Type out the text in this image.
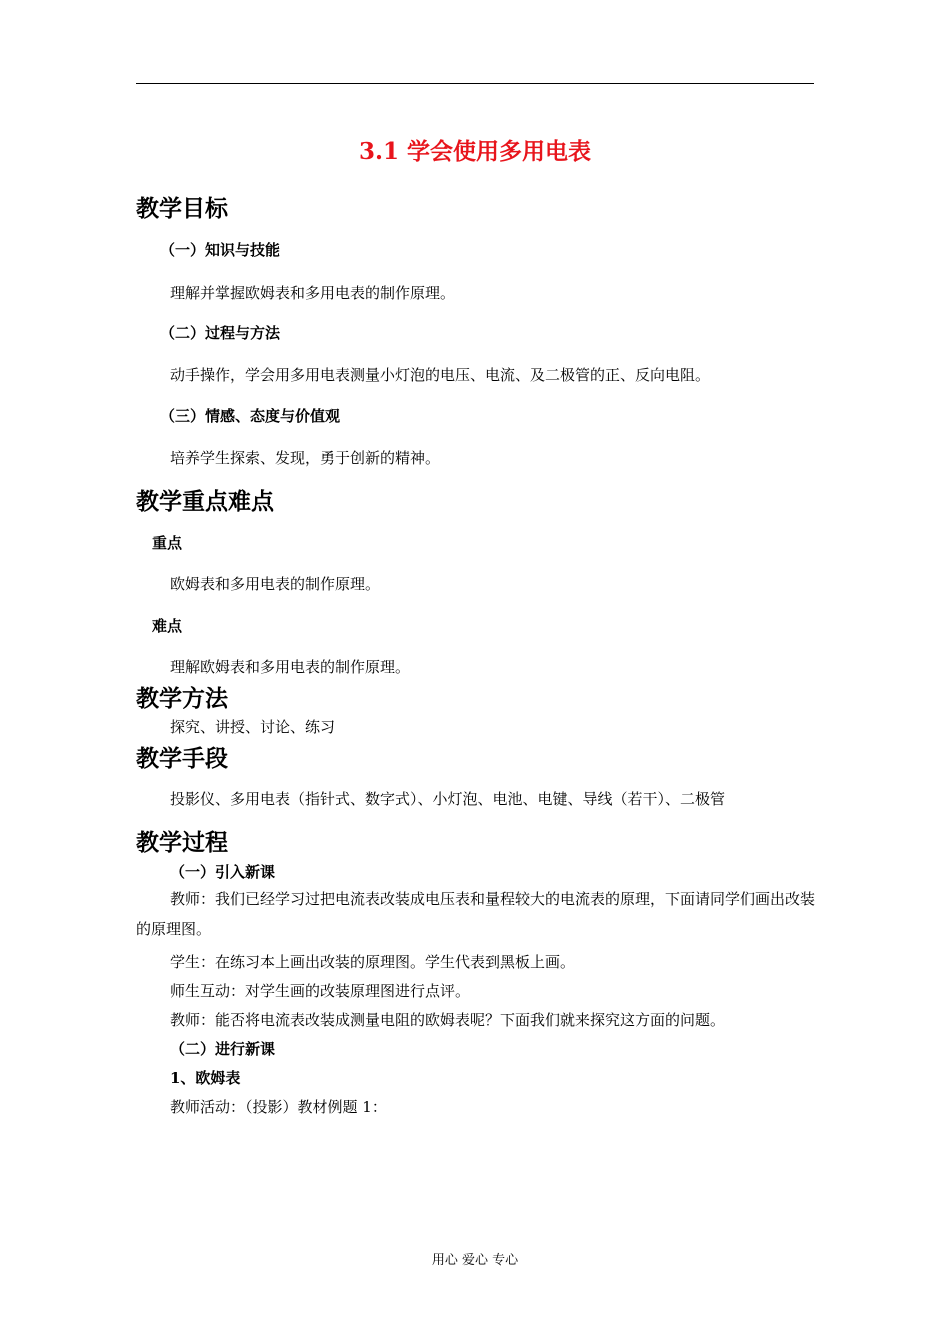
3.1 学会使用多用电表
教学目标
（一）知识与技能
理解并掌握欧姆表和多用电表的制作原理。
（二）过程与方法
动手操作，学会用多用电表测量小灯泡的电压、电流、及二极管的正、反向电阻。
（三）情感、态度与价值观
培养学生探索、发现，勇于创新的精神。
教学重点难点
重点
欧姆表和多用电表的制作原理。
难点
理解欧姆表和多用电表的制作原理。
教学方法
探究、讲授、讨论、练习
教学手段
投影仪、多用电表（指针式、数字式）、小灯泡、电池、电键、导线（若干）、二极管
教学过程
（一）引入新课
教师：我们已经学习过把电流表改装成电压表和量程较大的电流表的原理，下面请同学们画出改装的原理图。
学生：在练习本上画出改装的原理图。学生代表到黑板上画。
师生互动：对学生画的改装原理图进行点评。
教师：能否将电流表改装成测量电阻的欧姆表呢？下面我们就来探究这方面的问题。
（二）进行新课
1、欧姆表
教师活动：（投影）教材例题 1：
用心 爱心 专心
